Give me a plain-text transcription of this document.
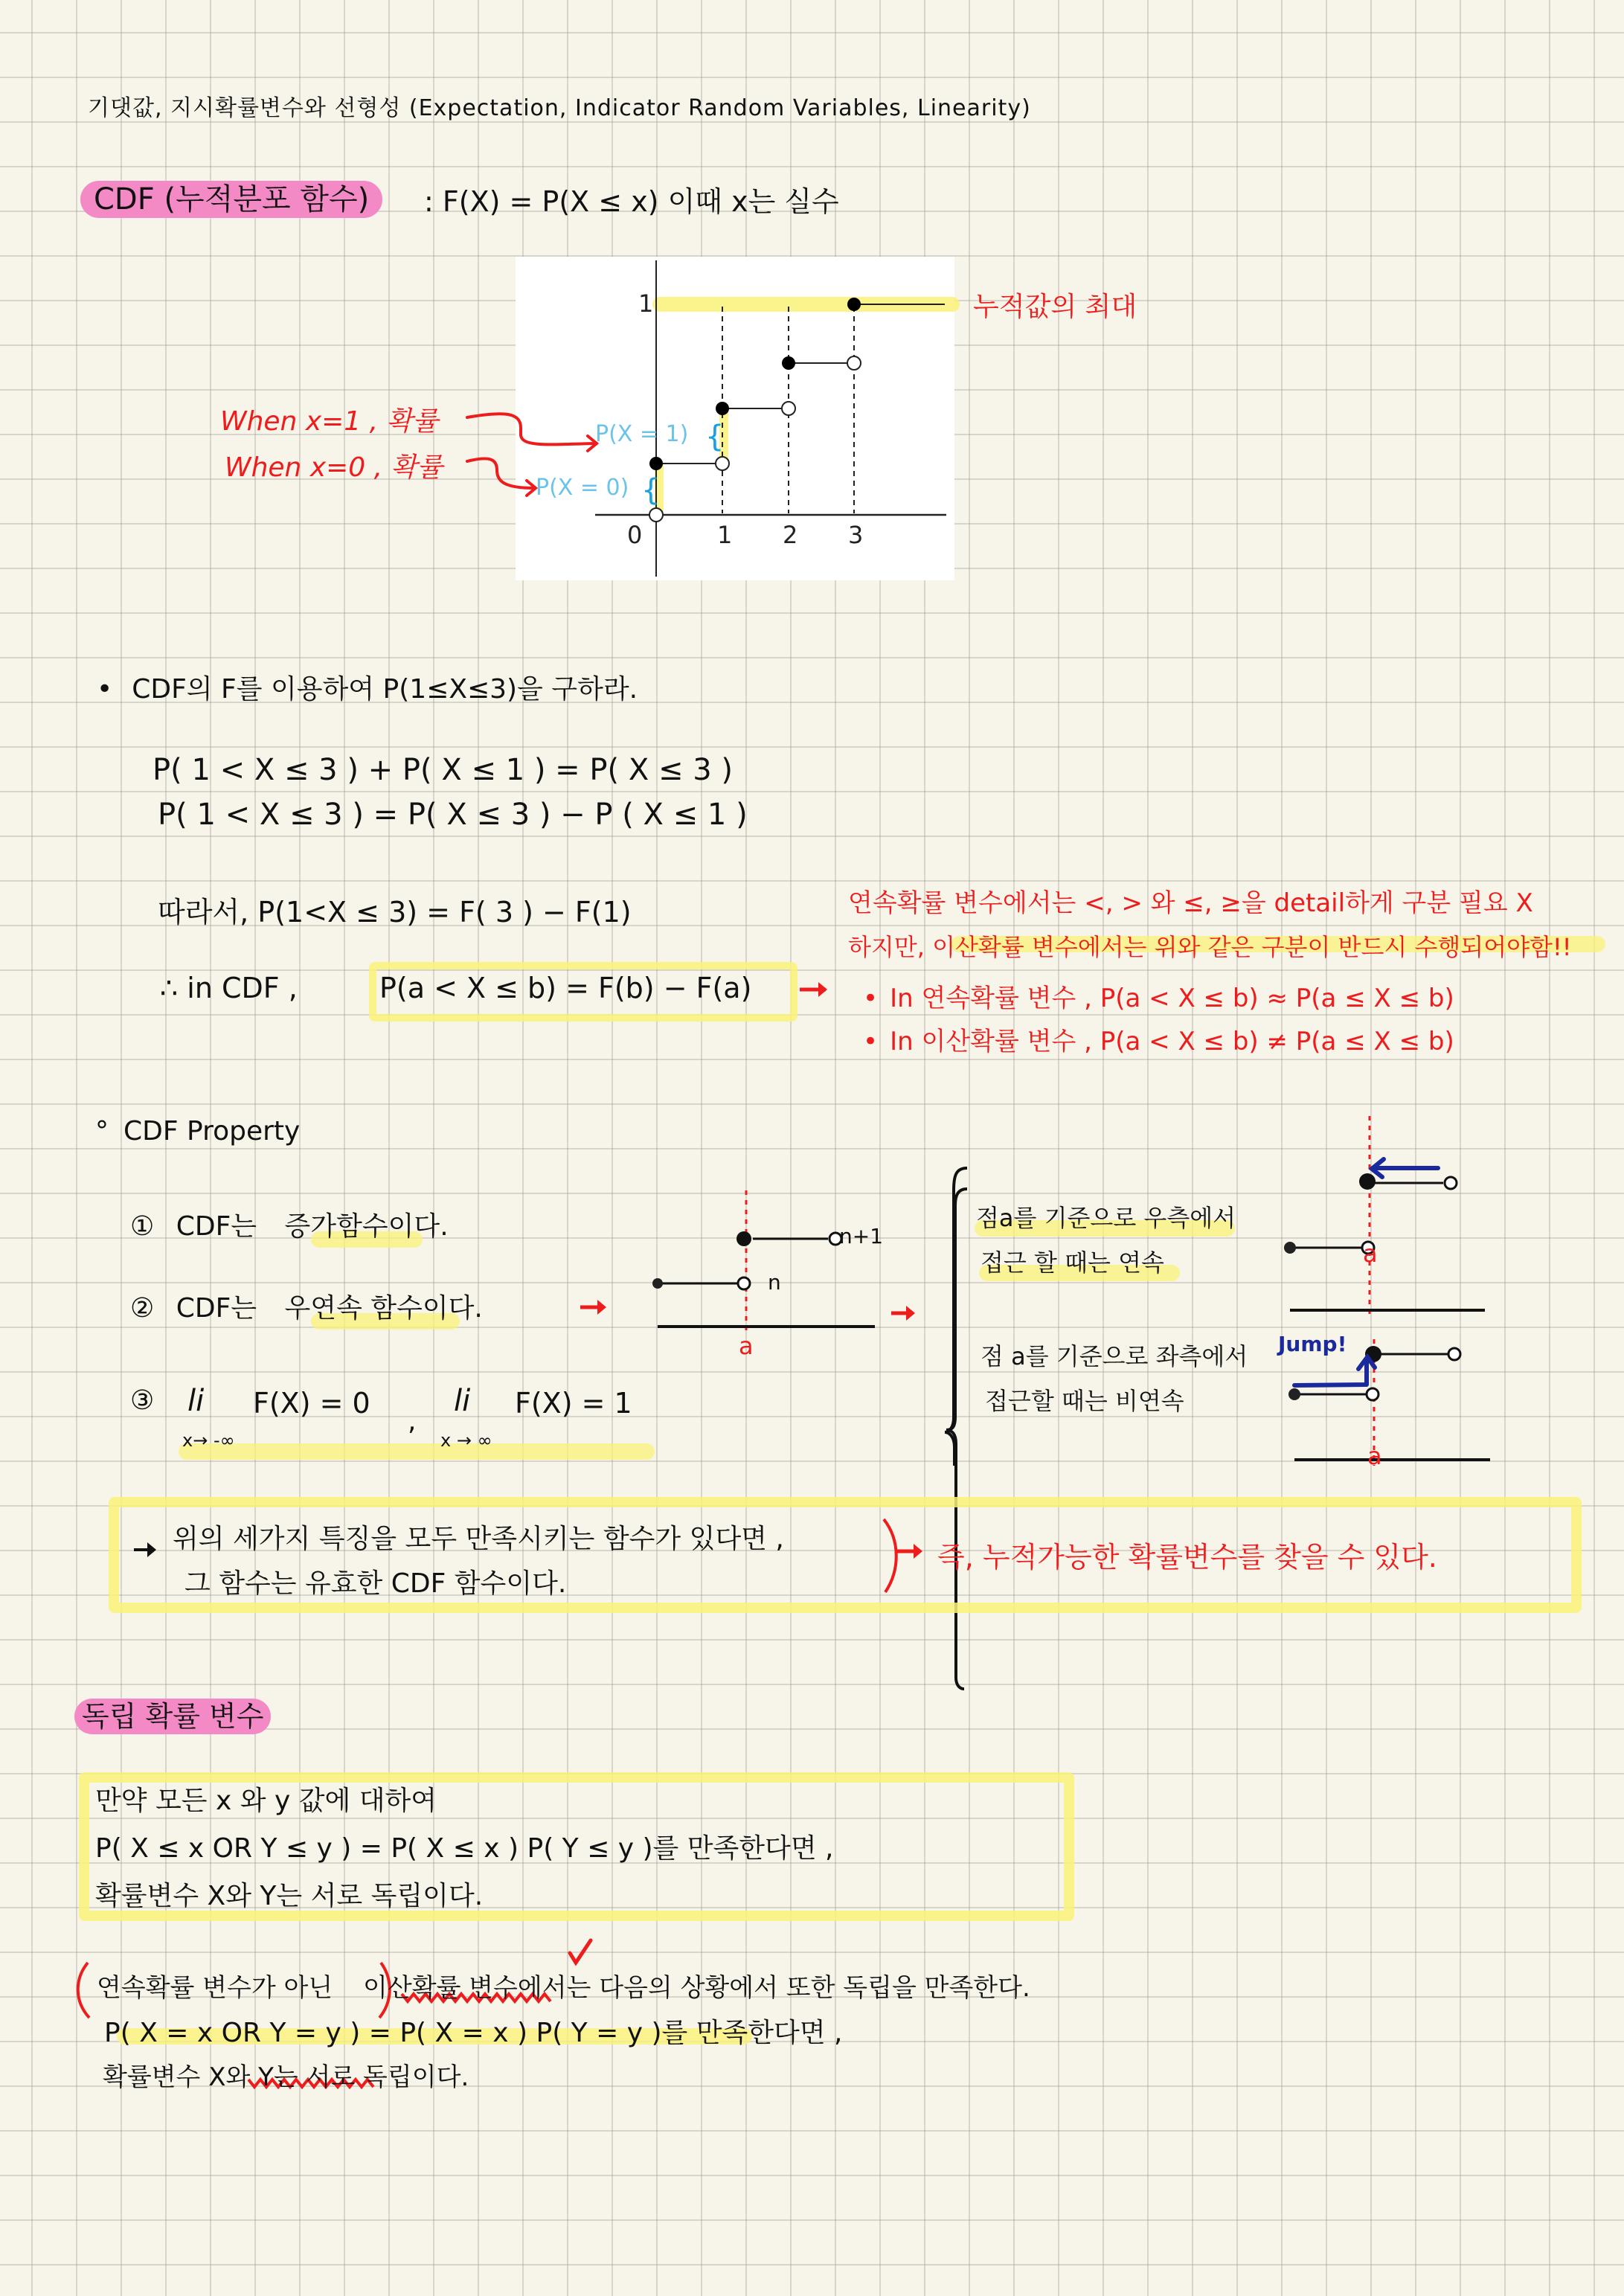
기댓값, 지시확률변수와 선형성 (Expectation, Indicator Random Variables, Linearity)
CDF (누적분포 함수)	: F(X) = P(X ≤ x) 이때 x는 실수
{
{
1
0	1 2 3
P(X = 1)
P(X = 0)
누적값의 최대
When x=1 , 확률
When x=0 , 확률
• CDF의 F를 이용하여 P(1≤X≤3)을 구하라.
P( 1 < X ≤ 3 ) + P( X ≤ 1 ) = P( X ≤ 3 )
P( 1 < X ≤ 3 ) = P( X ≤ 3 ) − P ( X ≤ 1 )
따라서, P(1<X ≤ 3) = F( 3 ) − F(1)
∴ in CDF ,	P(a < X ≤ b) = F(b) − F(a)
연속확률 변수에서는 <, > 와 ≤, ≥을 detail하게 구분 필요 X
하지만, 이산확률 변수에서는 위와 같은 구분이 반드시 수행되어야함!!
• In 연속확률 변수 , P(a < X ≤ b) ≈ P(a ≤ X ≤ b)
• In 이산확률 변수 , P(a < X ≤ b) ≠ P(a ≤ X ≤ b)
° CDF Property
① CDF는 증가함수이다.
② CDF는 우연속 함수이다.
③ li
x→ -∞
F(X) = 0
,
li
x → ∞
F(X) = 1
n+1
n
a
점a를 기준으로 우측에서
접근 할 때는 연속	a
점 a를 기준으로 좌측에서
접근할 때는 비연속
Jump!
a
위의 세가지 특징을 모두 만족시키는 함수가 있다면 ,
그 함수는 유효한 CDF 함수이다.
즉, 누적가능한 확률변수를 찾을 수 있다.
독립 확률 변수
만약 모든 x 와 y 값에 대하여
P( X ≤ x OR Y ≤ y ) = P( X ≤ x ) P( Y ≤ y )를 만족한다면 ,
확률변수 X와 Y는 서로 독립이다.
연속확률 변수가 아닌 이산확률 변수에서는 다음의 상황에서 또한 독립을 만족한다.
P( X = x OR Y = y ) = P( X = x ) P( Y = y )를 만족한다면 ,
확률변수 X와 Y는 서로 독립이다.
